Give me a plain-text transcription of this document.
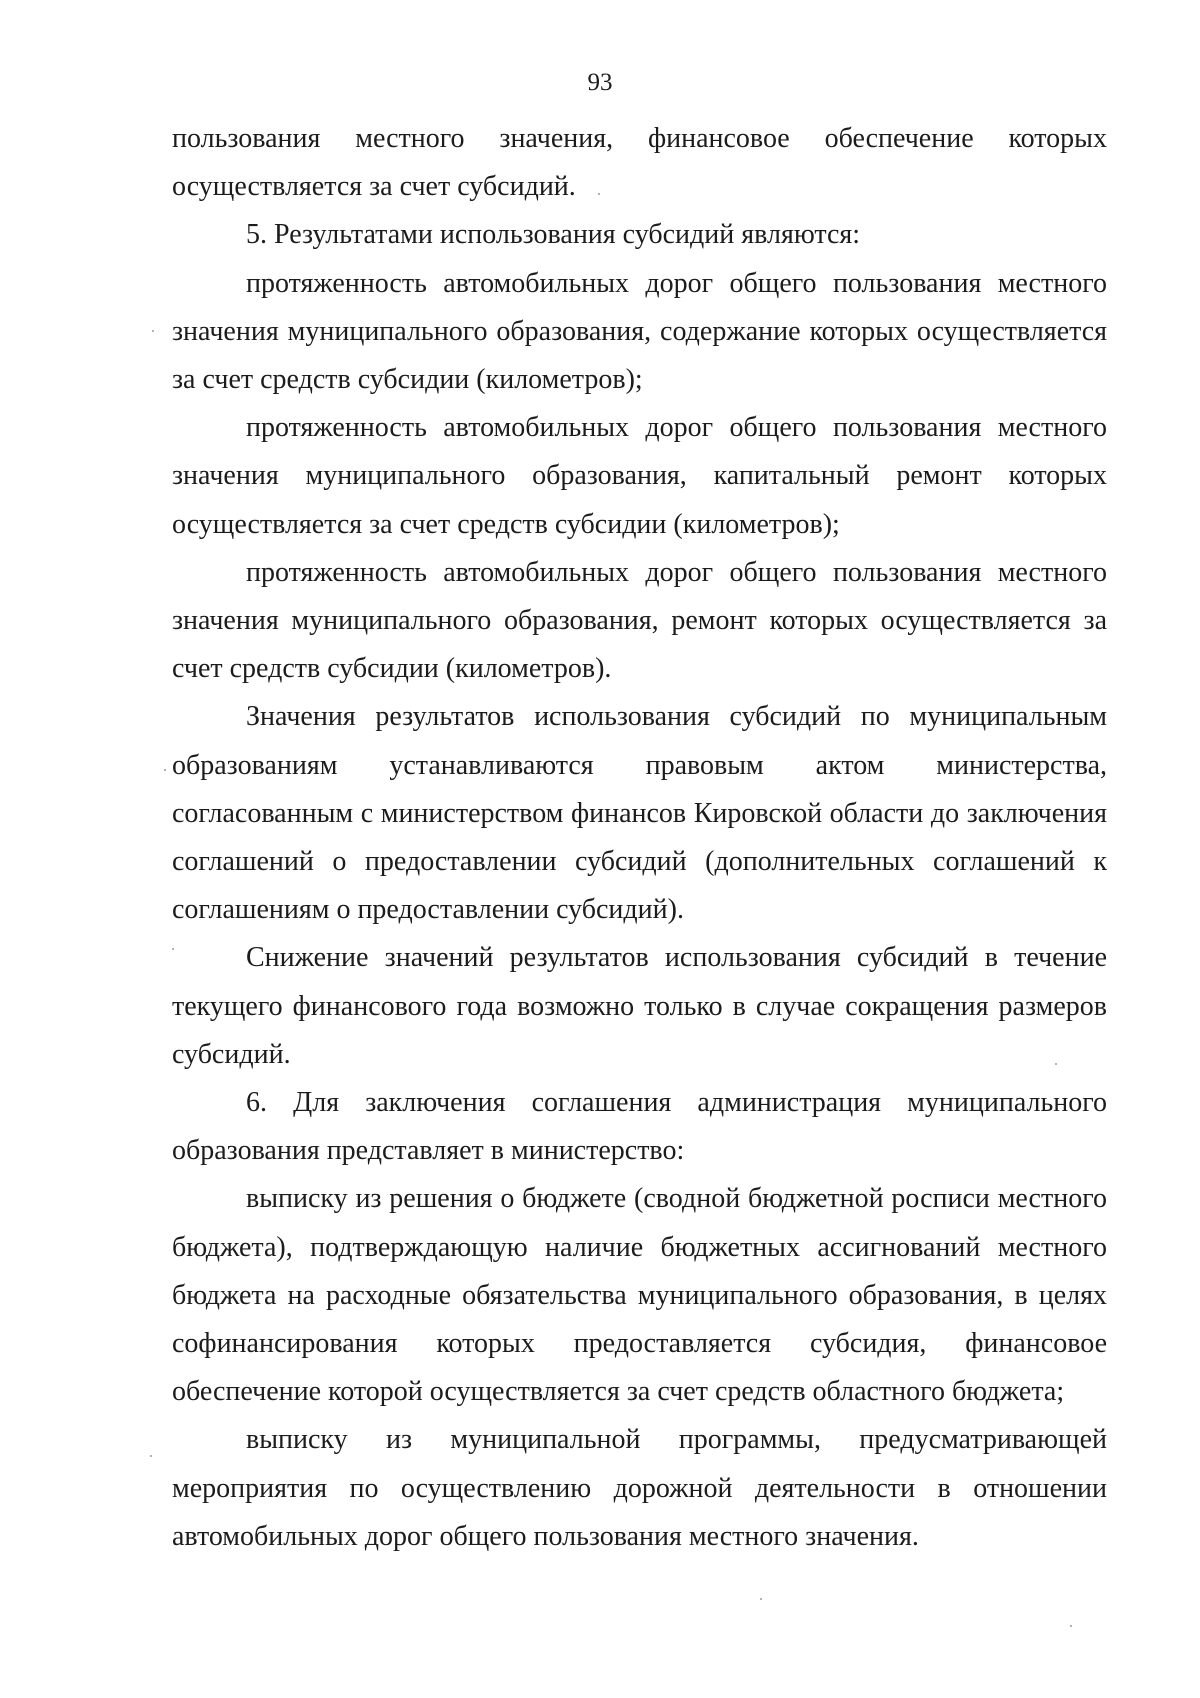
93

пользования местного значения, финансовое обеспечение которых осуществляется за счет субсидий.

5. Результатами использования субсидий являются:

протяженность автомобильных дорог общего пользования местного значения муниципального образования, содержание которых осуществляется за счет средств субсидии (километров);

протяженность автомобильных дорог общего пользования местного значения муниципального образования, капитальный ремонт которых осуществляется за счет средств субсидии (километров);

протяженность автомобильных дорог общего пользования местного значения муниципального образования, ремонт которых осуществляется за счет средств субсидии (километров).

Значения результатов использования субсидий по муниципальным образованиям устанавливаются правовым актом министерства, согласованным с министерством финансов Кировской области до заключения соглашений о предоставлении субсидий (дополнительных соглашений к соглашениям о предоставлении субсидий).

Снижение значений результатов использования субсидий в течение текущего финансового года возможно только в случае сокращения размеров субсидий.

6. Для заключения соглашения администрация муниципального образования представляет в министерство:

выписку из решения о бюджете (сводной бюджетной росписи местного бюджета), подтверждающую наличие бюджетных ассигнований местного бюджета на расходные обязательства муниципального образования, в целях софинансирования которых предоставляется субсидия, финансовое обеспечение которой осуществляется за счет средств областного бюджета;

выписку из муниципальной программы, предусматривающей мероприятия по осуществлению дорожной деятельности в отношении автомобильных дорог общего пользования местного значения.
